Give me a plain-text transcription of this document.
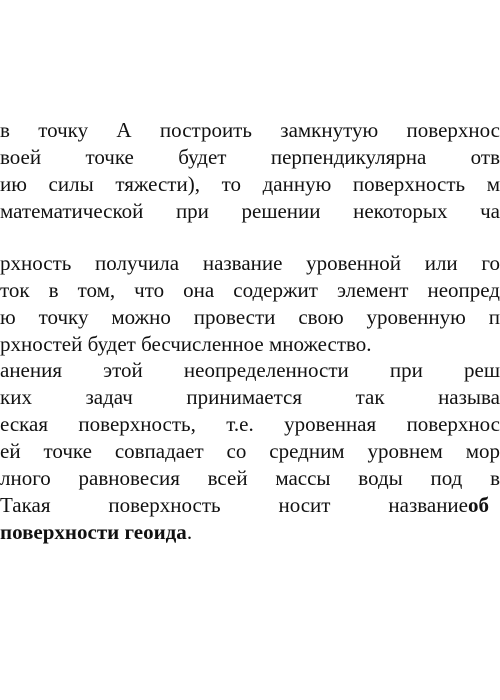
в точку А построить замкнутую поверхнос
воей точке будет перпендикулярна отв
ию силы тяжести), то данную поверхность м
математической при решении некоторых ча
рхность получила название уровенной или го
ток в том, что она содержит элемент неопред
ю точку можно провести свою уровенную п
рхностей будет бесчисленное множество.
анения этой неопределенности при реш
ких задач принимается так называ
еская поверхность, т.е. уровенная поверхнос
ей точке совпадает со средним уровнем мор
лного равновесия всей массы воды под в
Такая поверхность носит названиеоб
поверхности геоида.
